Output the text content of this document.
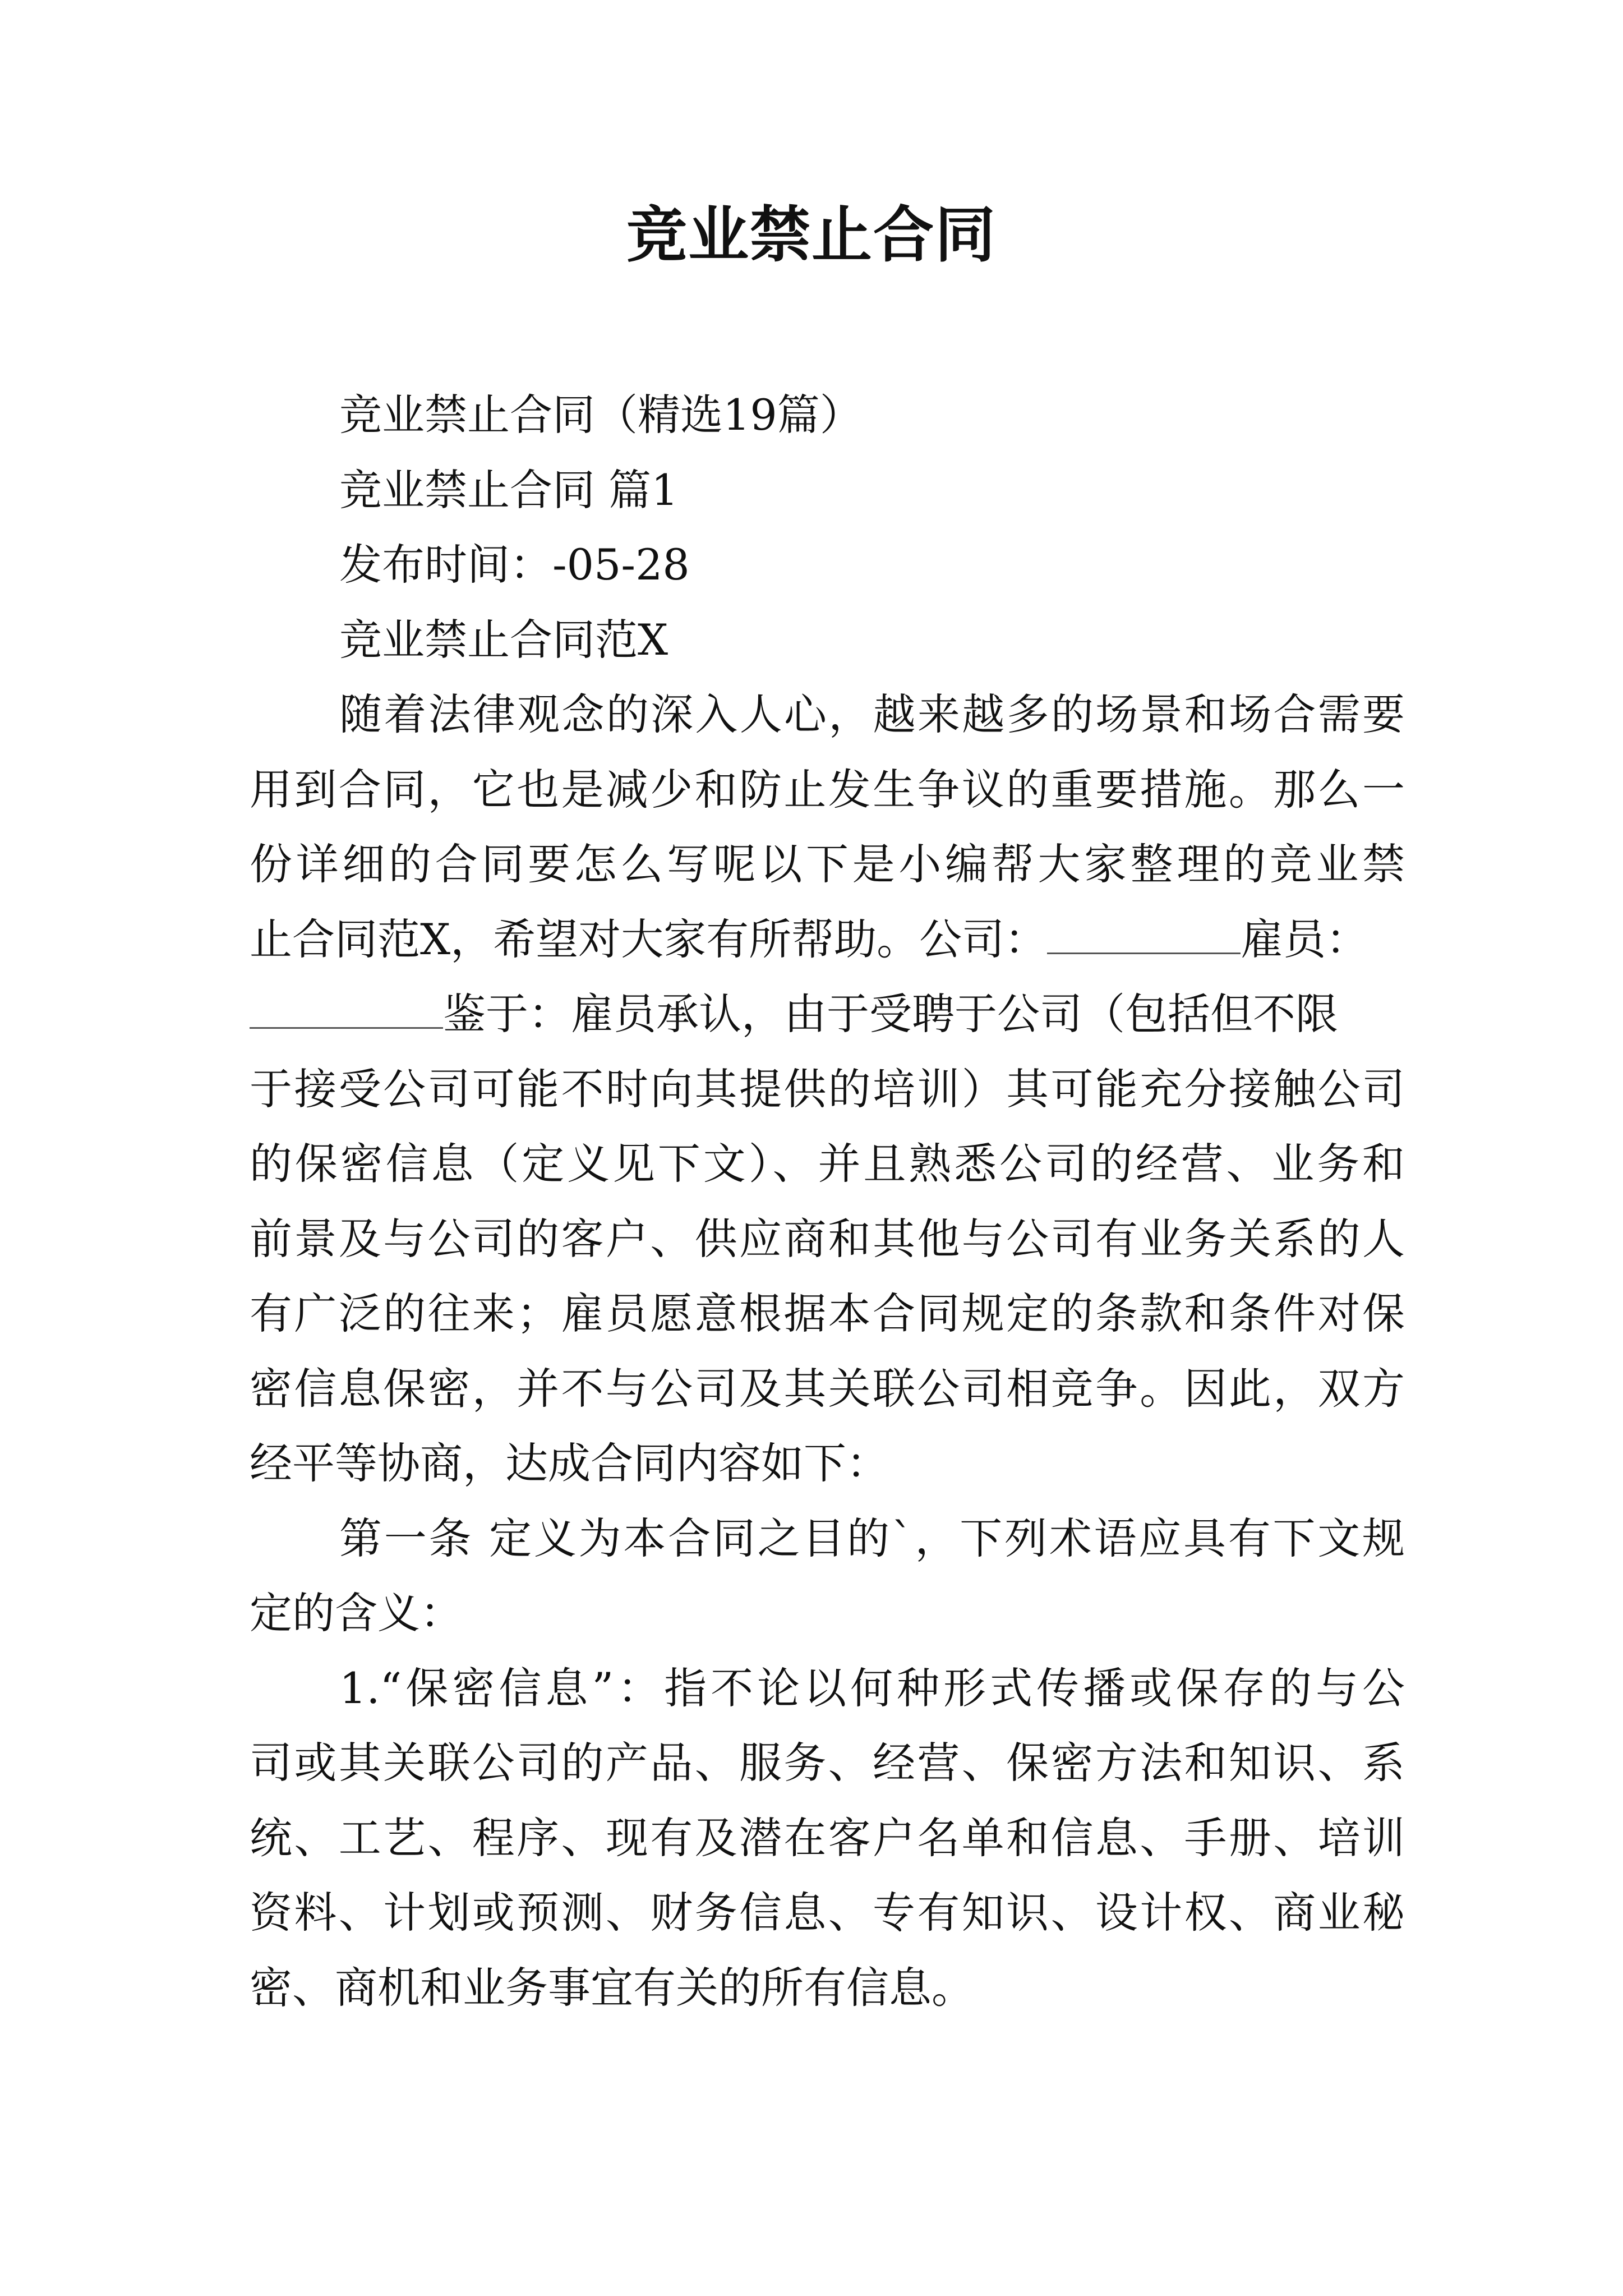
竞业禁止合同
竞业禁止合同（精选19篇）
竞业禁止合同 篇1
发布时间：-05-28
竞业禁止合同范X
随着法律观念的深入人心，越来越多的场景和场合需要
用到合同，它也是减少和防止发生争议的重要措施。那么一
份详细的合同要怎么写呢以下是小编帮大家整理的竞业禁
止合同范X，希望对大家有所帮助。公司：	雇员：
鉴于：雇员承认，由于受聘于公司（包括但不限
于接受公司可能不时向其提供的培训）其可能充分接触公司
的保密信息（定义见下文）、并且熟悉公司的经营、业务和
前景及与公司的客户、供应商和其他与公司有业务关系的人
有广泛的往来；雇员愿意根据本合同规定的条款和条件对保
密信息保密，并不与公司及其关联公司相竞争。因此，双方
经平等协商，达成合同内容如下：
第一条 定义为本合同之目的`，下列术语应具有下文规
定的含义：
1.“保密信息”：指不论以何种形式传播或保存的与公
司或其关联公司的产品、服务、经营、保密方法和知识、系
统、工艺、程序、现有及潜在客户名单和信息、手册、培训
资料、计划或预测、财务信息、专有知识、设计权、商业秘
密、商机和业务事宜有关的所有信息。
